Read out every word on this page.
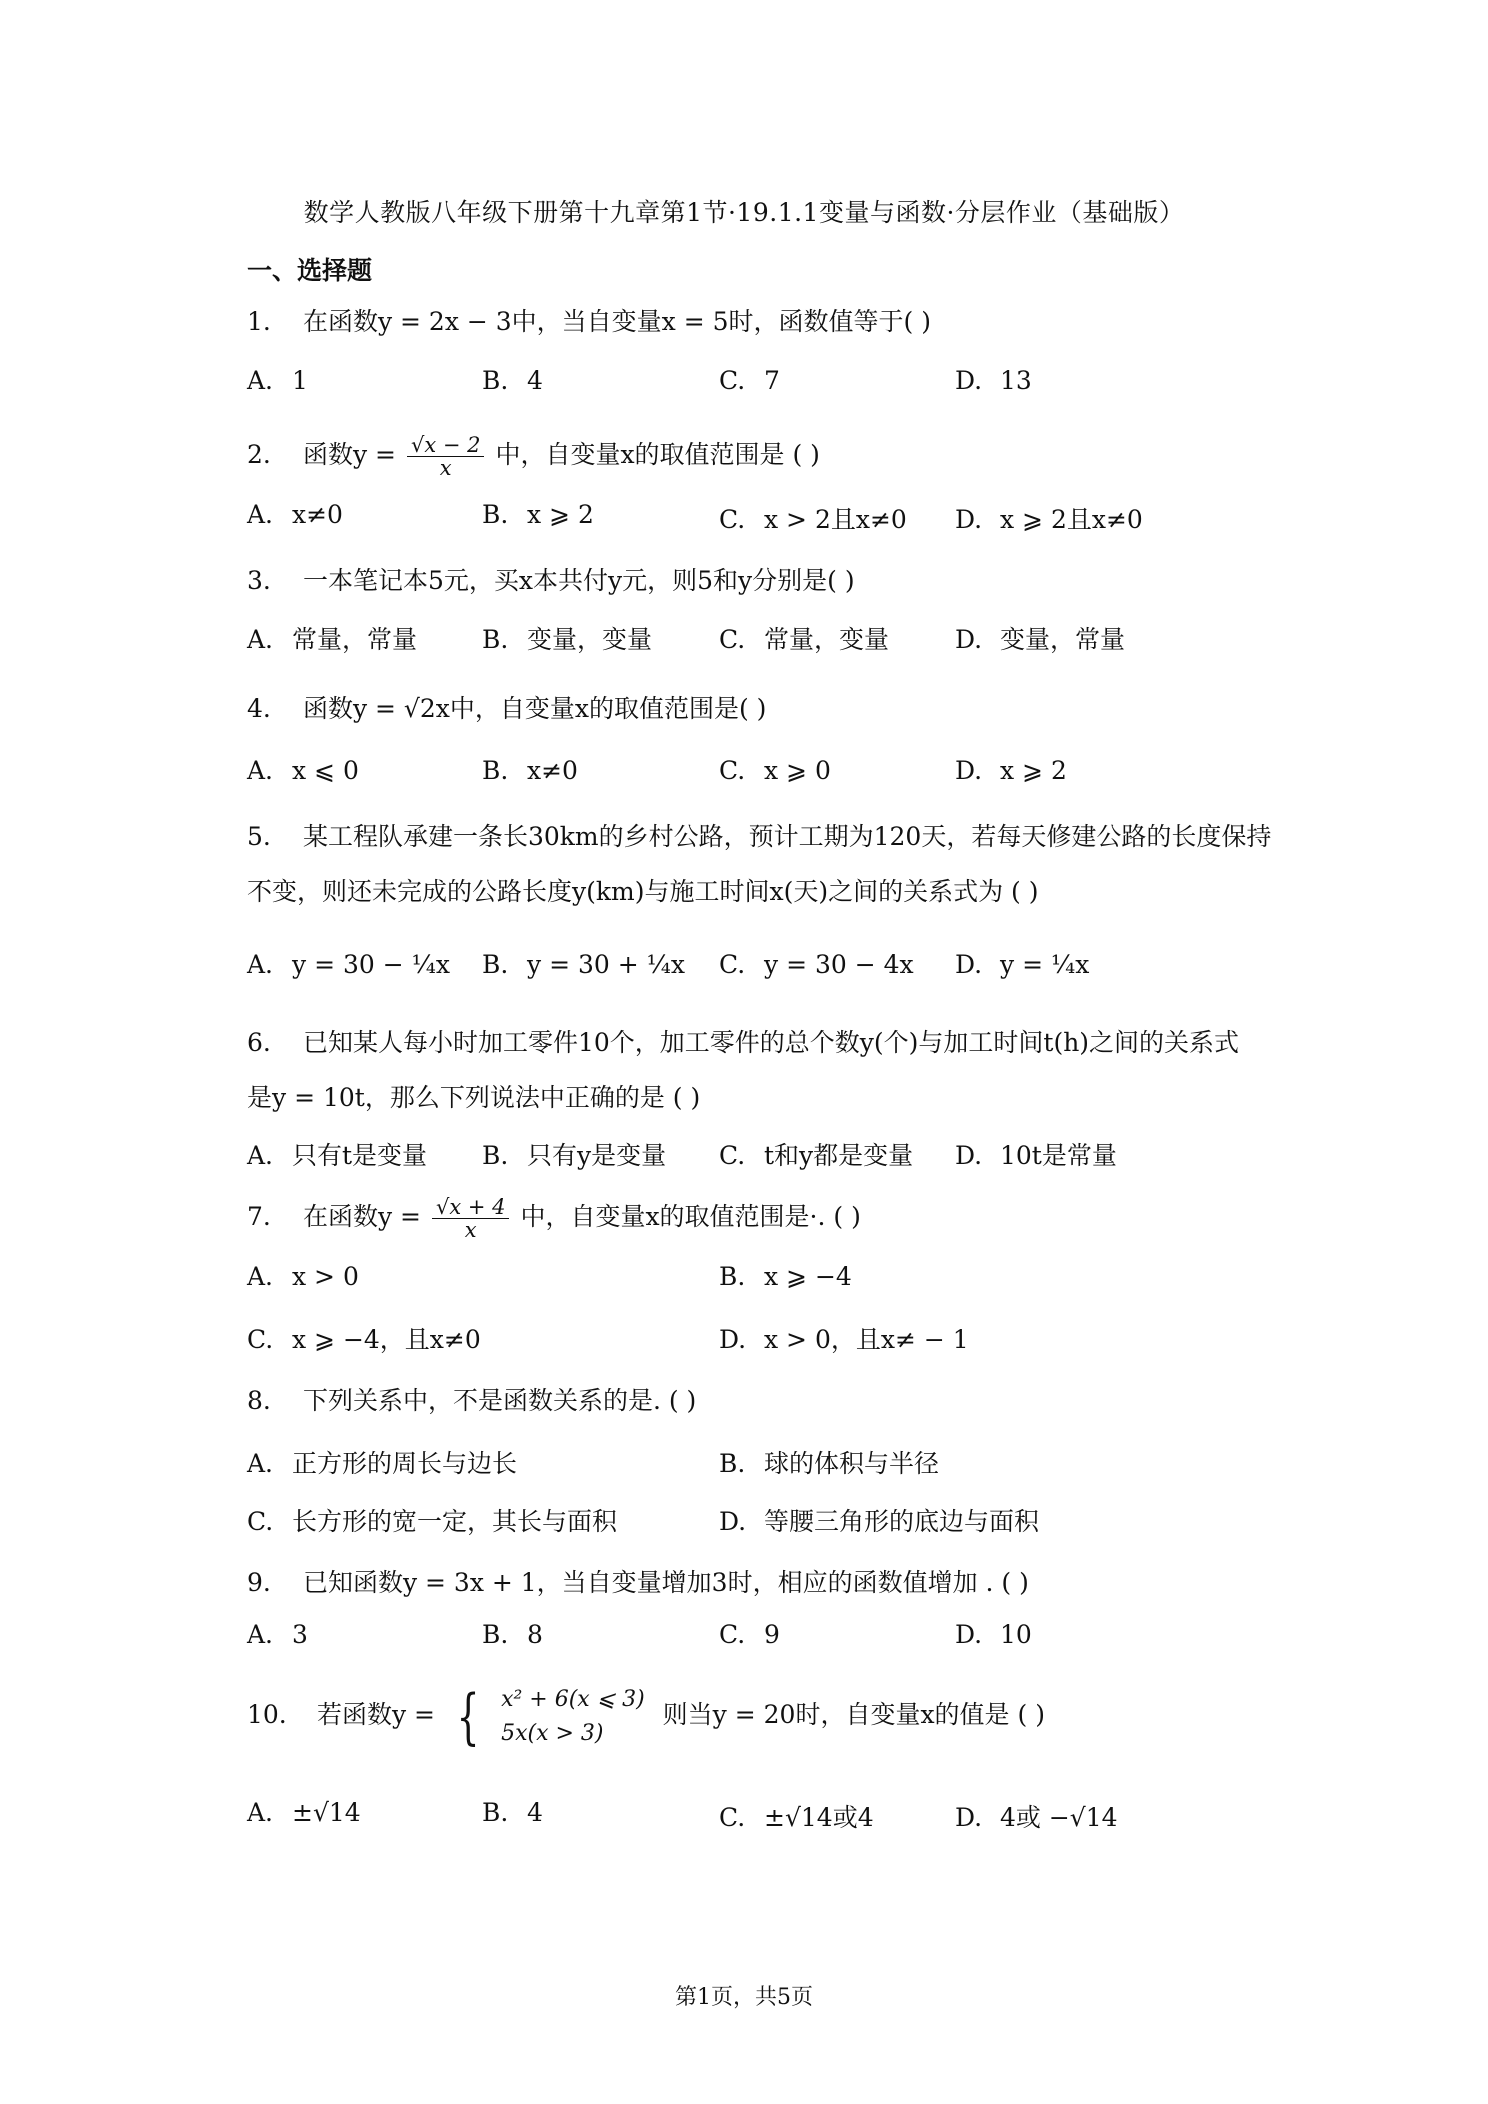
数学人教版八年级下册第十九章第1节·19.1.1变量与函数·分层作业（基础版）
一、选择题
1. 在函数y = 2x − 3中，当自变量x = 5时，函数值等于( )
A. 1	B. 4	C. 7	D. 13
2. 函数$y = \frac{√x - 2}{x}$ 中，自变量x的取值范围是 ( )
A. x≠0	B. x ⩾ 2	C. x > 2且x≠0 D. x ⩾ 2且x≠0
3. 一本笔记本5元，买x本共付y元，则5和y分别是( )
A. 常量，常量	B. 变量，变量	C. 常量，变量	D. 变量，常量
4. 函数y = √2x中，自变量x的取值范围是( )
A. x ⩽ 0	B. x≠0	C. x ⩾ 0	D. x ⩾ 2
5. 某工程队承建一条长30km的乡村公路，预计工期为120天，若每天修建公路的长度保持
不变，则还未完成的公路长度y(km)与施工时间x(天)之间的关系式为 ( )
A. y = 30 − ¼x B. y = 30 + ¼x C. y = 30 − 4x D. y = ¼x
6. 已知某人每小时加工零件10个，加工零件的总个数y(个)与加工时间t(h)之间的关系式
是y = 10t，那么下列说法中正确的是 ( )
A. 只有t是变量 B. 只有y是变量 C. t和y都是变量 D. 10t是常量
7. 在函数$y = \frac{√x + 4}{x}$ 中，自变量x的取值范围是·. ( )
A. x > 0	B. x ⩾ −4
C. x ⩾ −4，且x≠0	D. x > 0，且x≠ − 1
8. 下列关系中，不是函数关系的是. ( )
A. 正方形的周长与边长	B. 球的体积与半径
C. 长方形的宽一定，其长与面积	D. 等腰三角形的底边与面积
9. 已知函数y = 3x + 1，当自变量增加3时，相应的函数值增加 . ( )
A. 3	B. 8	C. 9	D. 10
10. 若函数y = { x² + 6(x ⩽ 3)
5x(x > 3)
则当y = 20时，自变量x的值是 ( )
A. ±√14	B. 4	C. ±√14或4	D. 4或 −√14
第1页，共5页
